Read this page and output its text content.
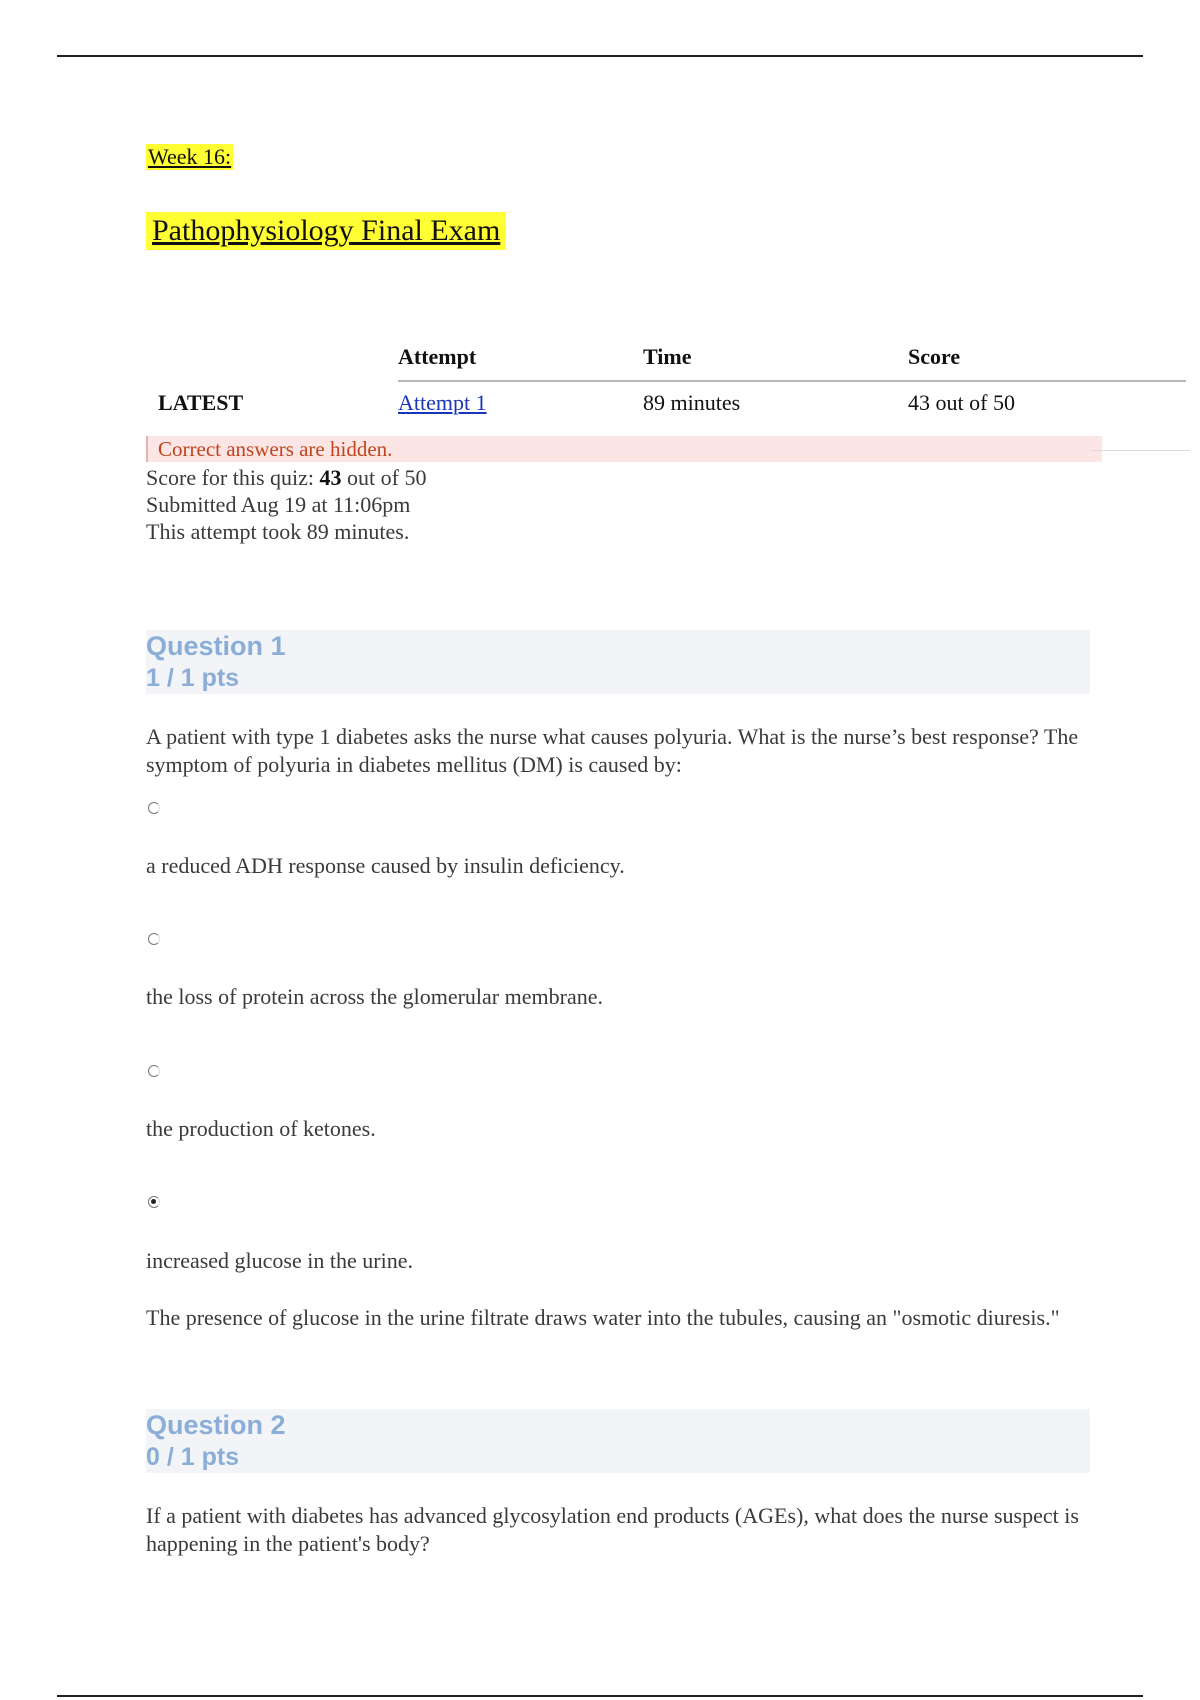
Week 16:
Pathophysiology Final Exam
	Attempt	Time	Score
LATEST	Attempt 1	89 minutes	43 out of 50
Correct answers are hidden.
Score for this quiz: 43 out of 50
Submitted Aug 19 at 11:06pm
This attempt took 89 minutes.
Question 1
1 / 1 pts
A patient with type 1 diabetes asks the nurse what causes polyuria. What is the nurse’s best response? The symptom of polyuria in diabetes mellitus (DM) is caused by:
a reduced ADH response caused by insulin deficiency.
the loss of protein across the glomerular membrane.
the production of ketones.
increased glucose in the urine.
The presence of glucose in the urine filtrate draws water into the tubules, causing an "osmotic diuresis."
Question 2
0 / 1 pts
If a patient with diabetes has advanced glycosylation end products (AGEs), what does the nurse suspect is happening in the patient's body?
